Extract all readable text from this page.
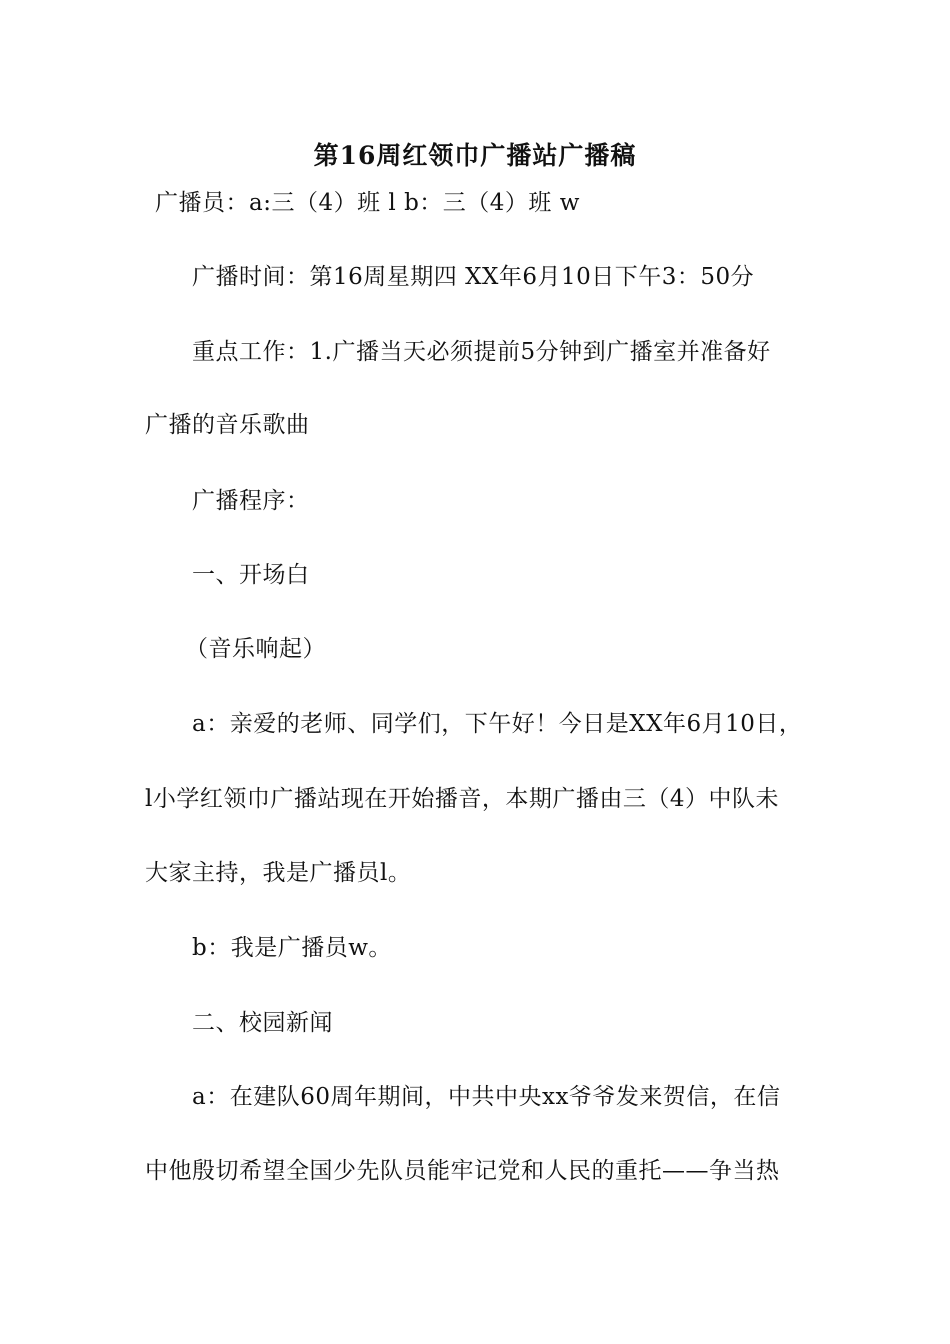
第16周红领巾广播站广播稿
广播员：a:三（4）班 l b：三（4）班 w
广播时间：第16周星期四 XX年6月10日下午3：50分
重点工作：1.广播当天必须提前5分钟到广播室并准备好
广播的音乐歌曲
广播程序：
一、开场白
（音乐响起）
a：亲爱的老师、同学们，下午好！今日是XX年6月10日，
l小学红领巾广播站现在开始播音，本期广播由三（4）中队未
大家主持，我是广播员l。
b：我是广播员w。
二、校园新闻
a：在建队60周年期间，中共中央xx爷爷发来贺信，在信
中他殷切希望全国少先队员能牢记党和人民的重托——争当热
